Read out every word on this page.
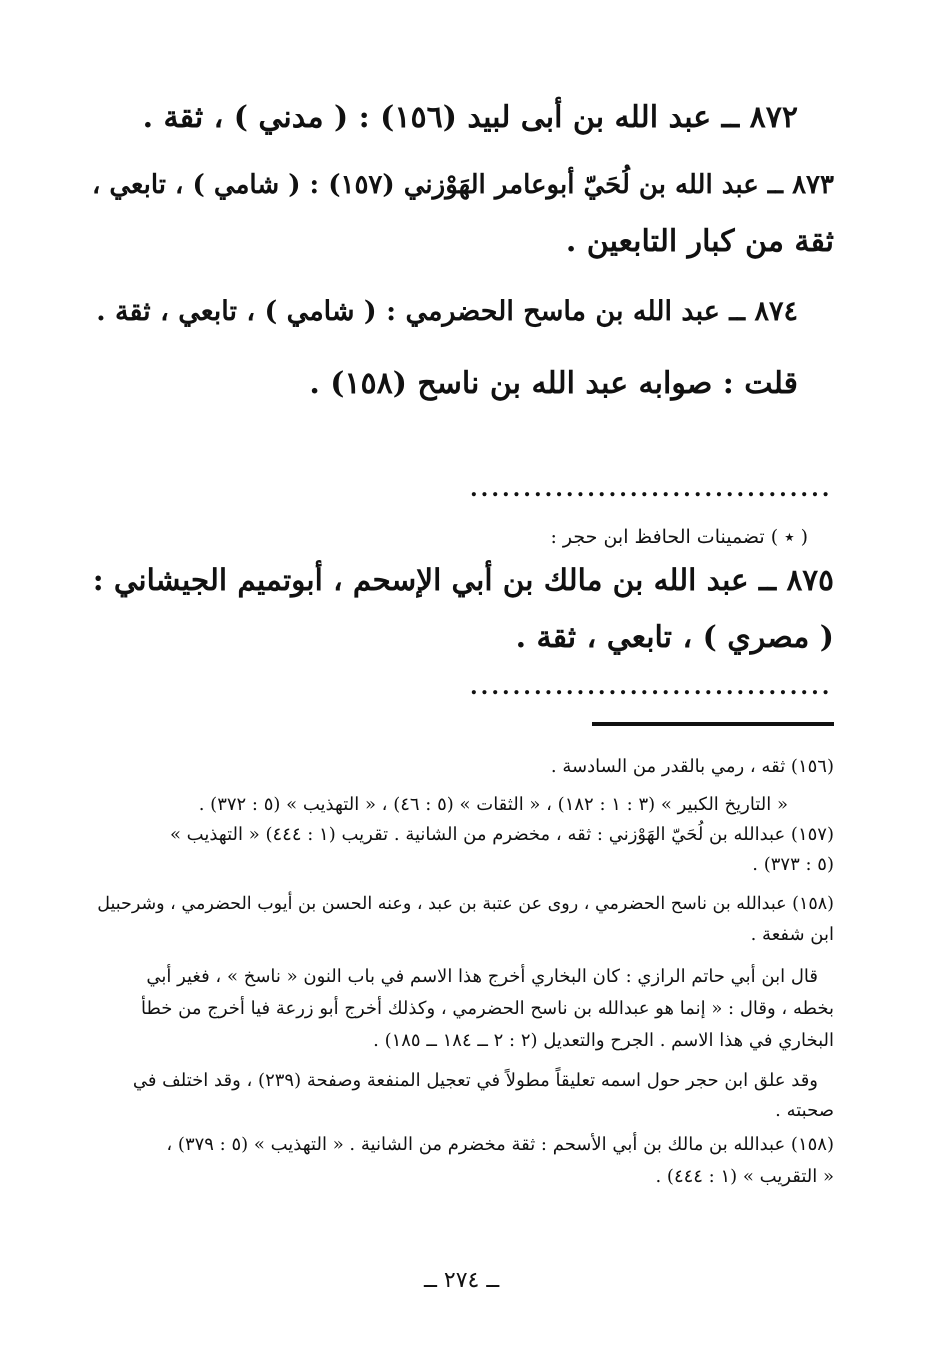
٨٧٢ ــ عبد الله بن أبى لبيد (١٥٦) : ( مدني ) ، ثقة .
٨٧٣ ــ عبد الله بن لُحَيّ أبوعامر الهَوْزني (١٥٧) : ( شامي ) ، تابعي ،
ثقة من كبار التابعين .
٨٧٤ ــ عبد الله بن ماسح الحضرمي : ( شامي ) ، تابعي ، ثقة .
قلت : صوابه عبد الله بن ناسح (١٥٨) .
..................................
( ٭ ) تضمينات الحافظ ابن حجر :
٨٧٥ ــ عبد الله بن مالك بن أبي الإسحم ، أبوتميم الجيشاني :
( مصري ) ، تابعي ، ثقة .
..................................
(١٥٦) ثقه ، رمي بالقدر من السادسة .
« التاريخ الكبير » (٣ : ١ : ١٨٢) ، « الثقات » (٥ : ٤٦) ، « التهذيب » (٥ : ٣٧٢) .
(١٥٧) عبدالله بن لُحَيّ الهَوْزني : ثقه ، مخضرم من الشانية . تقريب (١ : ٤٤٤) « التهذيب »
(٥ : ٣٧٣) .
(١٥٨) عبدالله بن ناسح الحضرمي ، روى عن عتبة بن عبد ، وعنه الحسن بن أيوب الحضرمي ، وشرحبيل
ابن شفعة .
قال ابن أبي حاتم الرازي : كان البخاري أخرج هذا الاسم في باب النون « ناسخ » ، فغير أبي
بخطه ، وقال : « إنما هو عبدالله بن ناسح الحضرمي ، وكذلك أخرج أبو زرعة فيا أخرج من خطأ
البخاري في هذا الاسم . الجرح والتعديل (٢ : ٢ ــ ١٨٤ ــ ١٨٥) .
وقد علق ابن حجر حول اسمه تعليقاً مطولاً في تعجيل المنفعة وصفحة (٢٣٩) ، وقد اختلف في
صحبته .
(١٥٨) عبدالله بن مالك بن أبي الأسحم : ثقة مخضرم من الشانية . « التهذيب » (٥ : ٣٧٩) ،
« التقريب » (١ : ٤٤٤) .
ــ ٢٧٤ ــ
